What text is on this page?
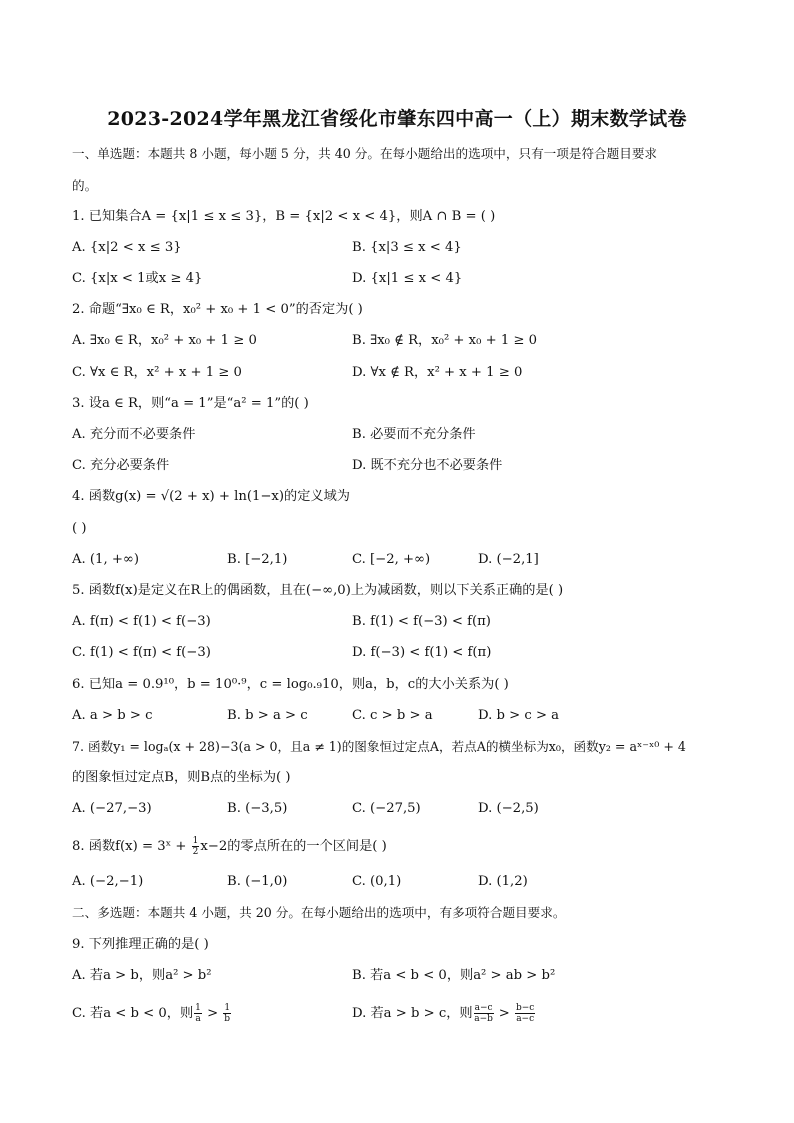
2023-2024学年黑龙江省绥化市肇东四中高一（上）期末数学试卷
一、单选题：本题共 8 小题，每小题 5 分，共 40 分。在每小题给出的选项中，只有一项是符合题目要求
的。
1. 已知集合A = {x|1 ≤ x ≤ 3}，B = {x|2 < x < 4}，则A ∩ B = ( )
A. {x|2 < x ≤ 3}	B. {x|3 ≤ x < 4}
C. {x|x < 1或x ≥ 4}	D. {x|1 ≤ x < 4}
2. 命题“∃x₀ ∈ R，x₀² + x₀ + 1 < 0”的否定为( )
A. ∃x₀ ∈ R，x₀² + x₀ + 1 ≥ 0	B. ∃x₀ ∉ R，x₀² + x₀ + 1 ≥ 0
C. ∀x ∈ R，x² + x + 1 ≥ 0	D. ∀x ∉ R，x² + x + 1 ≥ 0
3. 设a ∈ R，则“a = 1”是“a² = 1”的( )
A. 充分而不必要条件	B. 必要而不充分条件
C. 充分必要条件	D. 既不充分也不必要条件
4. 函数g(x) = √(2 + x) + ln(1−x)的定义域为
( )
A. (1, +∞)	B. [−2,1)	C. [−2, +∞)	D. (−2,1]
5. 函数f(x)是定义在R上的偶函数，且在(−∞,0)上为减函数，则以下关系正确的是( )
A. f(π) < f(1) < f(−3)	B. f(1) < f(−3) < f(π)
C. f(1) < f(π) < f(−3)	D. f(−3) < f(1) < f(π)
6. 已知a = 0.9¹⁰，b = 10⁰·⁹，c = log₀.₉10，则a，b，c的大小关系为( )
A. a > b > c	B. b > a > c	C. c > b > a	D. b > c > a
7. 函数y₁ = logₐ(x + 28)−3(a > 0，且a ≠ 1)的图象恒过定点A，若点A的横坐标为x₀，函数y₂ = aˣ⁻ˣ⁰ + 4
的图象恒过定点B，则B点的坐标为( )
A. (−27,−3)	B. (−3,5)	C. (−27,5)	D. (−2,5)
8. 函数f(x) = 3ˣ + $\frac{1}{2} x-2$的零点所在的一个区间是( )
A. (−2,−1)	B. (−1,0)	C. (0,1)	D. (1,2)
二、多选题：本题共 4 小题，共 20 分。在每小题给出的选项中，有多项符合题目要求。
9. 下列推理正确的是( )
A. 若a > b，则a² > b²	B. 若a < b < 0，则a² > ab > b²
C. 若a < b < 0，则 $\frac{1}{a} > \frac{1}{b}$	D. 若a > b > c，则 $\frac{a-c}{a-b} > \frac{b-c}{a-c}$
